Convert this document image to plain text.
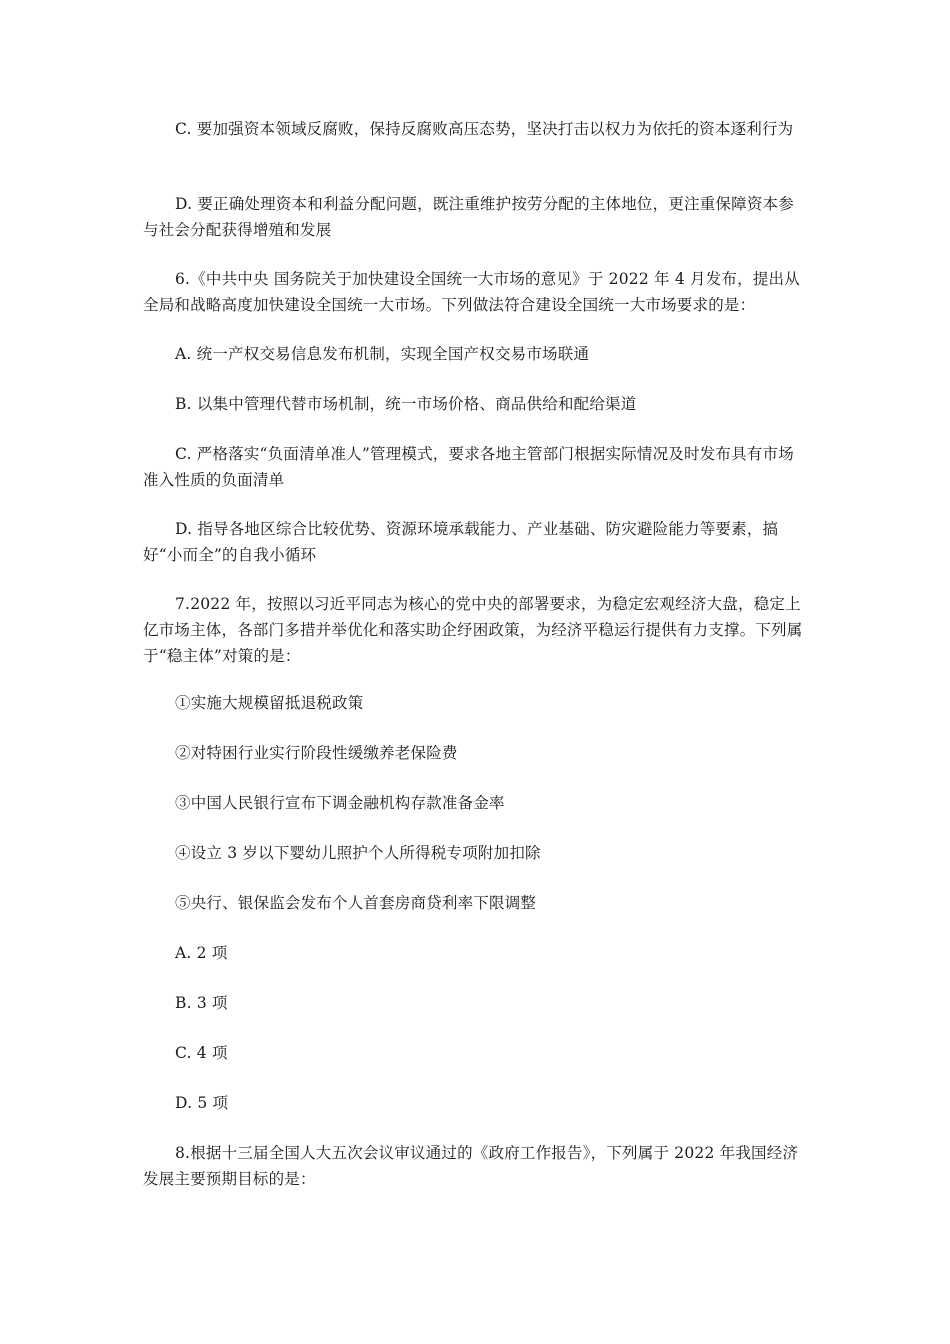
C. 要加强资本领域反腐败，保持反腐败高压态势，坚决打击以权力为依托的资本逐利行为

D. 要正确处理资本和利益分配问题，既注重维护按劳分配的主体地位，更注重保障资本参与社会分配获得增殖和发展

6.《中共中央 国务院关于加快建设全国统一大市场的意见》于 2022 年 4 月发布，提出从全局和战略高度加快建设全国统一大市场。下列做法符合建设全国统一大市场要求的是：

A. 统一产权交易信息发布机制，实现全国产权交易市场联通

B. 以集中管理代替市场机制，统一市场价格、商品供给和配给渠道

C. 严格落实“负面清单准人”管理模式，要求各地主管部门根据实际情况及时发布具有市场准入性质的负面清单

D. 指导各地区综合比较优势、资源环境承载能力、产业基础、防灾避险能力等要素，搞好“小而全”的自我小循环

7.2022 年，按照以习近平同志为核心的党中央的部署要求，为稳定宏观经济大盘，稳定上亿市场主体，各部门多措并举优化和落实助企纾困政策，为经济平稳运行提供有力支撑。下列属于“稳主体”对策的是：

①实施大规模留抵退税政策

②对特困行业实行阶段性缓缴养老保险费

③中国人民银行宣布下调金融机构存款准备金率

④设立 3 岁以下婴幼儿照护个人所得税专项附加扣除

⑤央行、银保监会发布个人首套房商贷利率下限调整

A. 2 项

B. 3 项

C. 4 项

D. 5 项

8.根据十三届全国人大五次会议审议通过的《政府工作报告》，下列属于 2022 年我国经济发展主要预期目标的是：
